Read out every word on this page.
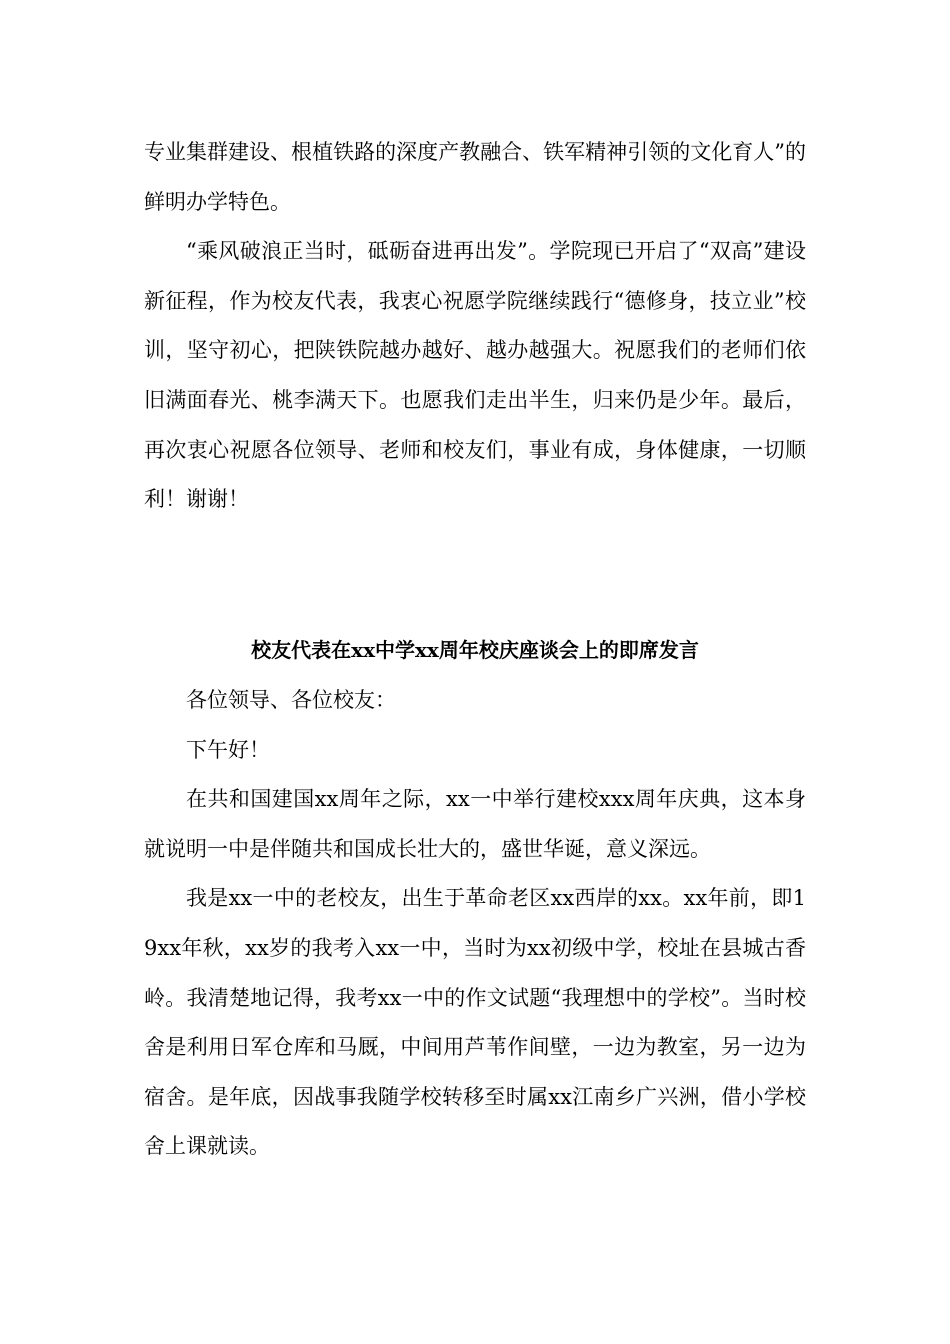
专业集群建设、根植铁路的深度产教融合、铁军精神引领的文化育人”的鲜明办学特色。

“乘风破浪正当时，砥砺奋进再出发”。学院现已开启了“双高”建设新征程，作为校友代表，我衷心祝愿学院继续践行“德修身，技立业”校训，坚守初心，把陕铁院越办越好、越办越强大。祝愿我们的老师们依旧满面春光、桃李满天下。也愿我们走出半生，归来仍是少年。最后，再次衷心祝愿各位领导、老师和校友们，事业有成，身体健康，一切顺利！谢谢！

校友代表在xx中学xx周年校庆座谈会上的即席发言

各位领导、各位校友：

下午好！

在共和国建国xx周年之际，xx一中举行建校xxx周年庆典，这本身就说明一中是伴随共和国成长壮大的，盛世华诞，意义深远。

我是xx一中的老校友，出生于革命老区xx西岸的xx。xx年前，即19xx年秋，xx岁的我考入xx一中，当时为xx初级中学，校址在县城古香岭。我清楚地记得，我考xx一中的作文试题“我理想中的学校”。当时校舍是利用日军仓库和马厩，中间用芦苇作间壁，一边为教室，另一边为宿舍。是年底，因战事我随学校转移至时属xx江南乡广兴洲，借小学校舍上课就读。
